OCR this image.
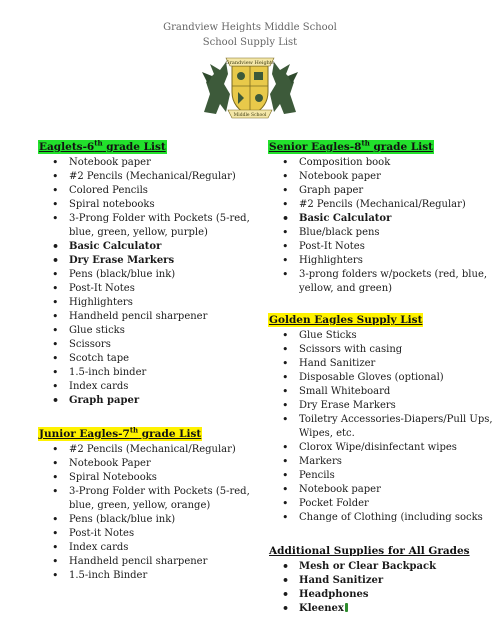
Grandview Heights Middle School
School Supply List
Grandview Heights
Middle School
Eaglets-6th grade List
• Notebook paper
• #2 Pencils (Mechanical/Regular)
• Colored Pencils
• Spiral notebooks
• 3-Prong Folder with Pockets (5-red, blue, green, yellow, purple)
• Basic Calculator
• Dry Erase Markers
• Pens (black/blue ink)
• Post-It Notes
• Highlighters
• Handheld pencil sharpener
• Glue sticks
• Scissors
• Scotch tape
• 1.5-inch binder
• Index cards
• Graph paper
Junior Eagles-7th grade List
• #2 Pencils (Mechanical/Regular)
• Notebook Paper
• Spiral Notebooks
• 3-Prong Folder with Pockets (5-red, blue, green, yellow, orange)
• Pens (black/blue ink)
• Post-it Notes
• Index cards
• Handheld pencil sharpener
• 1.5-inch Binder
Senior Eagles-8th grade List
• Composition book
• Notebook paper
• Graph paper
• #2 Pencils (Mechanical/Regular)
• Basic Calculator
• Blue/black pens
• Post-It Notes
• Highlighters
• 3-prong folders w/pockets (red, blue, yellow, and green)
Golden Eagles Supply List
• Glue Sticks
• Scissors with casing
• Hand Sanitizer
• Disposable Gloves (optional)
• Small Whiteboard
• Dry Erase Markers
• Toiletry Accessories-Diapers/Pull Ups, Wipes, etc.
• Clorox Wipe/disinfectant wipes
• Markers
• Pencils
• Notebook paper
• Pocket Folder
• Change of Clothing (including socks
Additional Supplies for All Grades
• Mesh or Clear Backpack
• Hand Sanitizer
• Headphones
• Kleenex
